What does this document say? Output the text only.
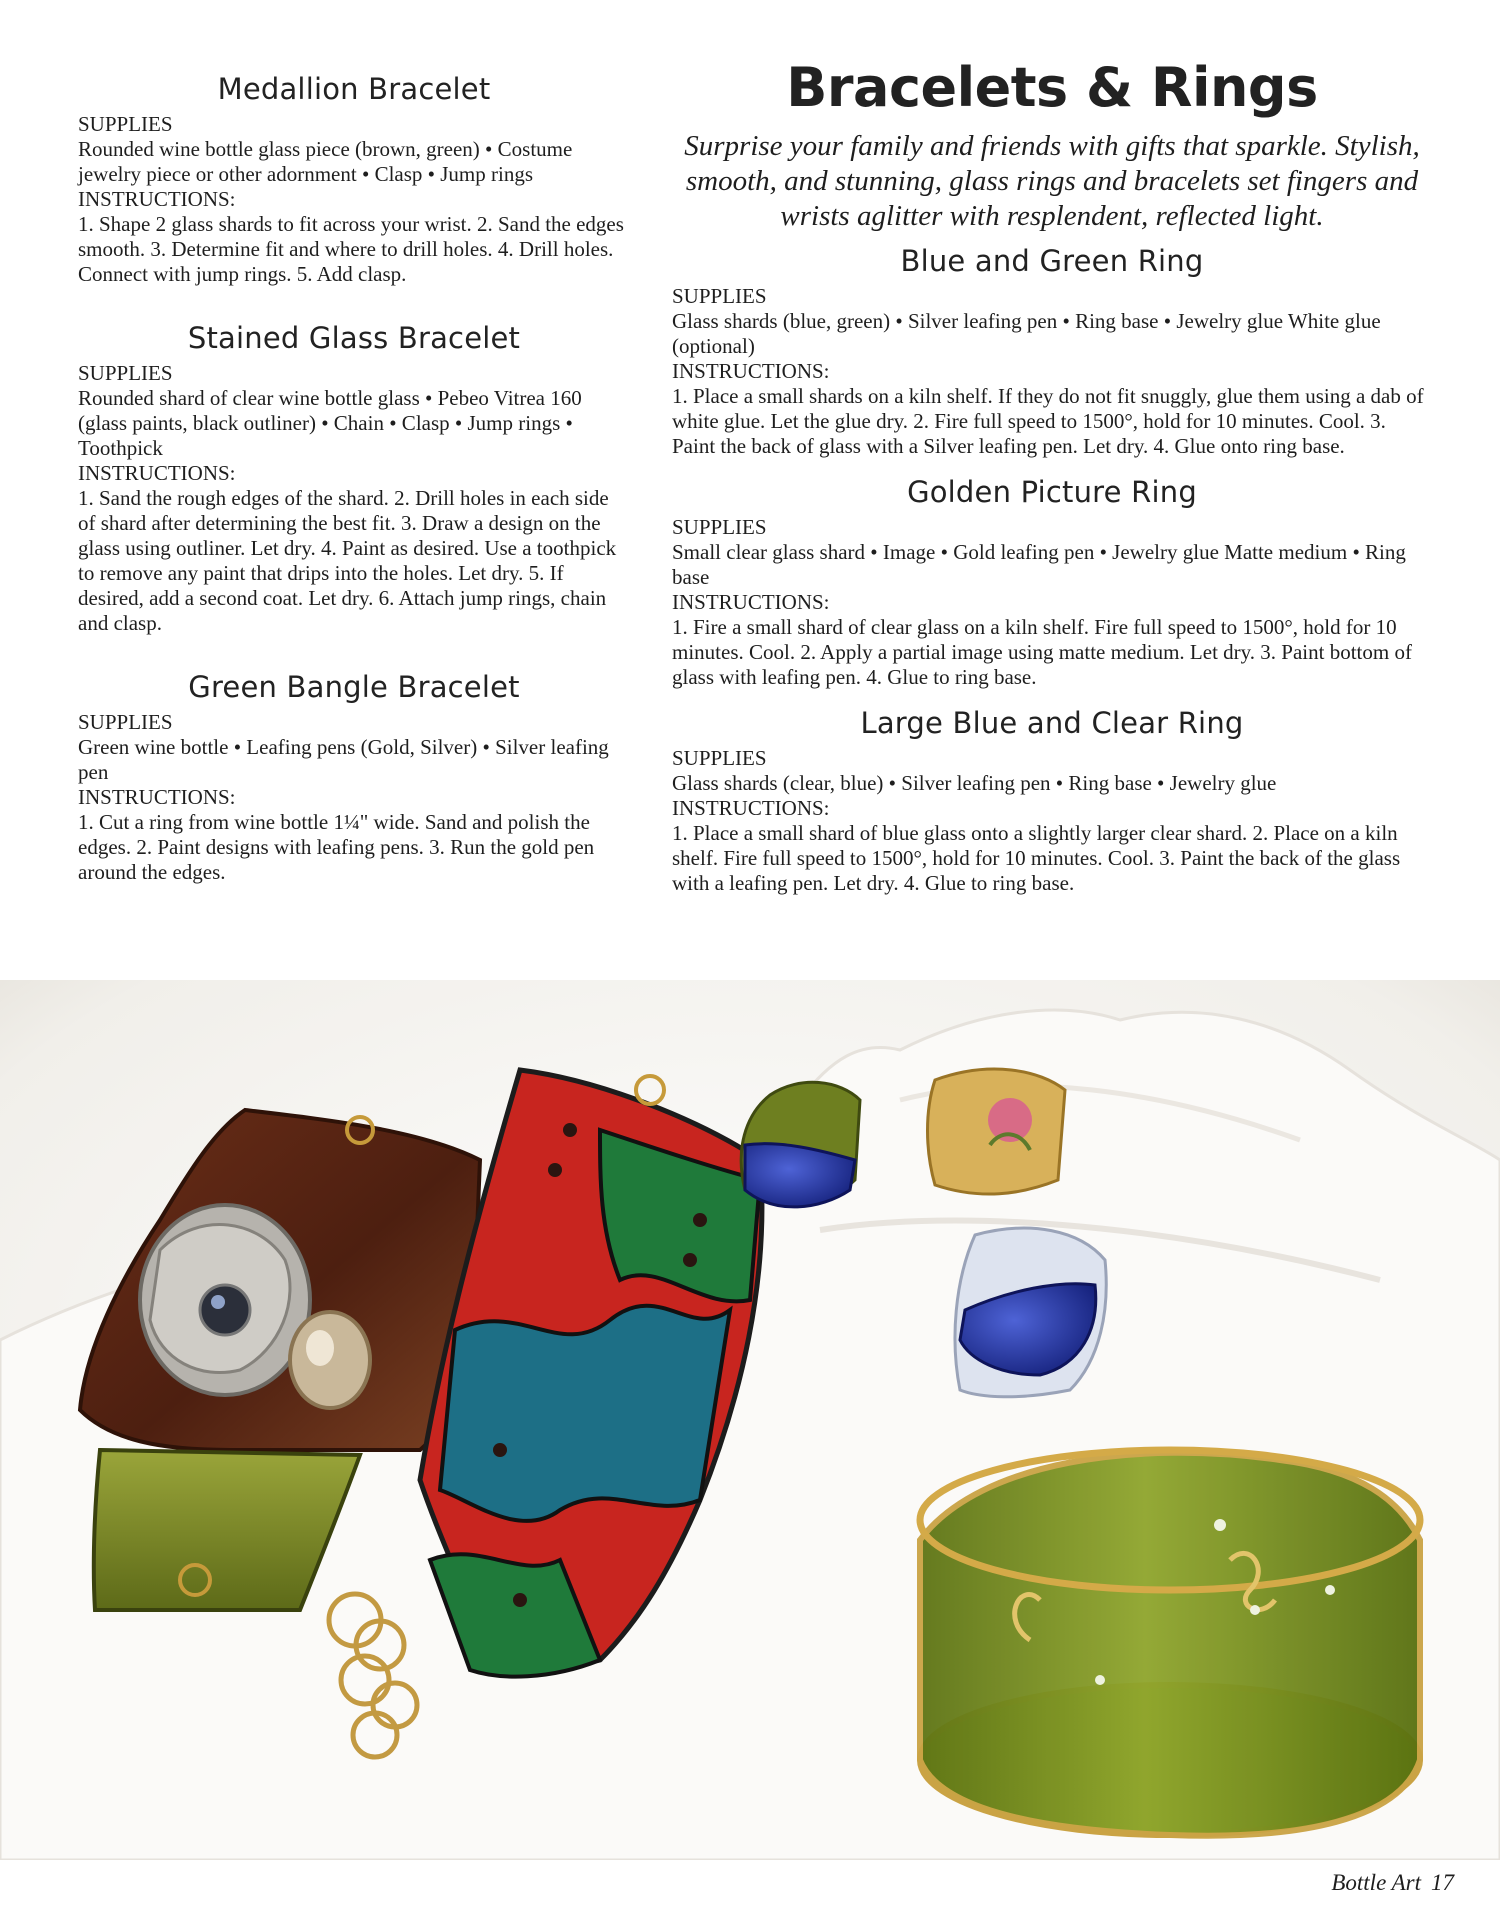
Medallion Bracelet

SUPPLIES

Rounded wine bottle glass piece (brown, green) • Costume jewelry piece or other adornment • Clasp • Jump rings

INSTRUCTIONS:

1. Shape 2 glass shards to fit across your wrist. 2. Sand the edges smooth. 3. Determine fit and where to drill holes. 4. Drill holes. Connect with jump rings. 5. Add clasp.

Stained Glass Bracelet

SUPPLIES

Rounded shard of clear wine bottle glass • Pebeo Vitrea 160 (glass paints, black outliner) • Chain • Clasp • Jump rings • Toothpick

INSTRUCTIONS:

1. Sand the rough edges of the shard. 2. Drill holes in each side of shard after determining the best fit. 3. Draw a design on the glass using outliner. Let dry. 4. Paint as desired. Use a toothpick to remove any paint that drips into the holes. Let dry. 5. If desired, add a second coat. Let dry. 6. Attach jump rings, chain and clasp.

Green Bangle Bracelet

SUPPLIES

Green wine bottle • Leafing pens (Gold, Silver) • Silver leafing pen

INSTRUCTIONS:

1. Cut a ring from wine bottle 1¼" wide. Sand and polish the edges. 2. Paint designs with leafing pens. 3. Run the gold pen around the edges.

Bracelets & Rings

Surprise your family and friends with gifts that sparkle. Stylish, smooth, and stunning, glass rings and bracelets set fingers and wrists aglitter with resplendent, reflected light.

Blue and Green Ring

SUPPLIES

Glass shards (blue, green) • Silver leafing pen • Ring base • Jewelry glue White glue (optional)

INSTRUCTIONS:

1. Place a small shards on a kiln shelf. If they do not fit snuggly, glue them using a dab of white glue. Let the glue dry. 2. Fire full speed to 1500°, hold for 10 minutes. Cool. 3. Paint the back of glass with a Silver leafing pen. Let dry. 4. Glue onto ring base.

Golden Picture Ring

SUPPLIES

Small clear glass shard • Image • Gold leafing pen • Jewelry glue Matte medium • Ring base

INSTRUCTIONS:

1. Fire a small shard of clear glass on a kiln shelf. Fire full speed to 1500°, hold for 10 minutes. Cool. 2. Apply a partial image using matte medium. Let dry. 3. Paint bottom of glass with leafing pen. 4. Glue to ring base.

Large Blue and Clear Ring

SUPPLIES

Glass shards (clear, blue) • Silver leafing pen • Ring base • Jewelry glue

INSTRUCTIONS:

1. Place a small shard of blue glass onto a slightly larger clear shard. 2. Place on a kiln shelf. Fire full speed to 1500°, hold for 10 minutes. Cool. 3. Paint the back of the glass with a leafing pen. Let dry. 4. Glue to ring base.

Bottle Art 17
